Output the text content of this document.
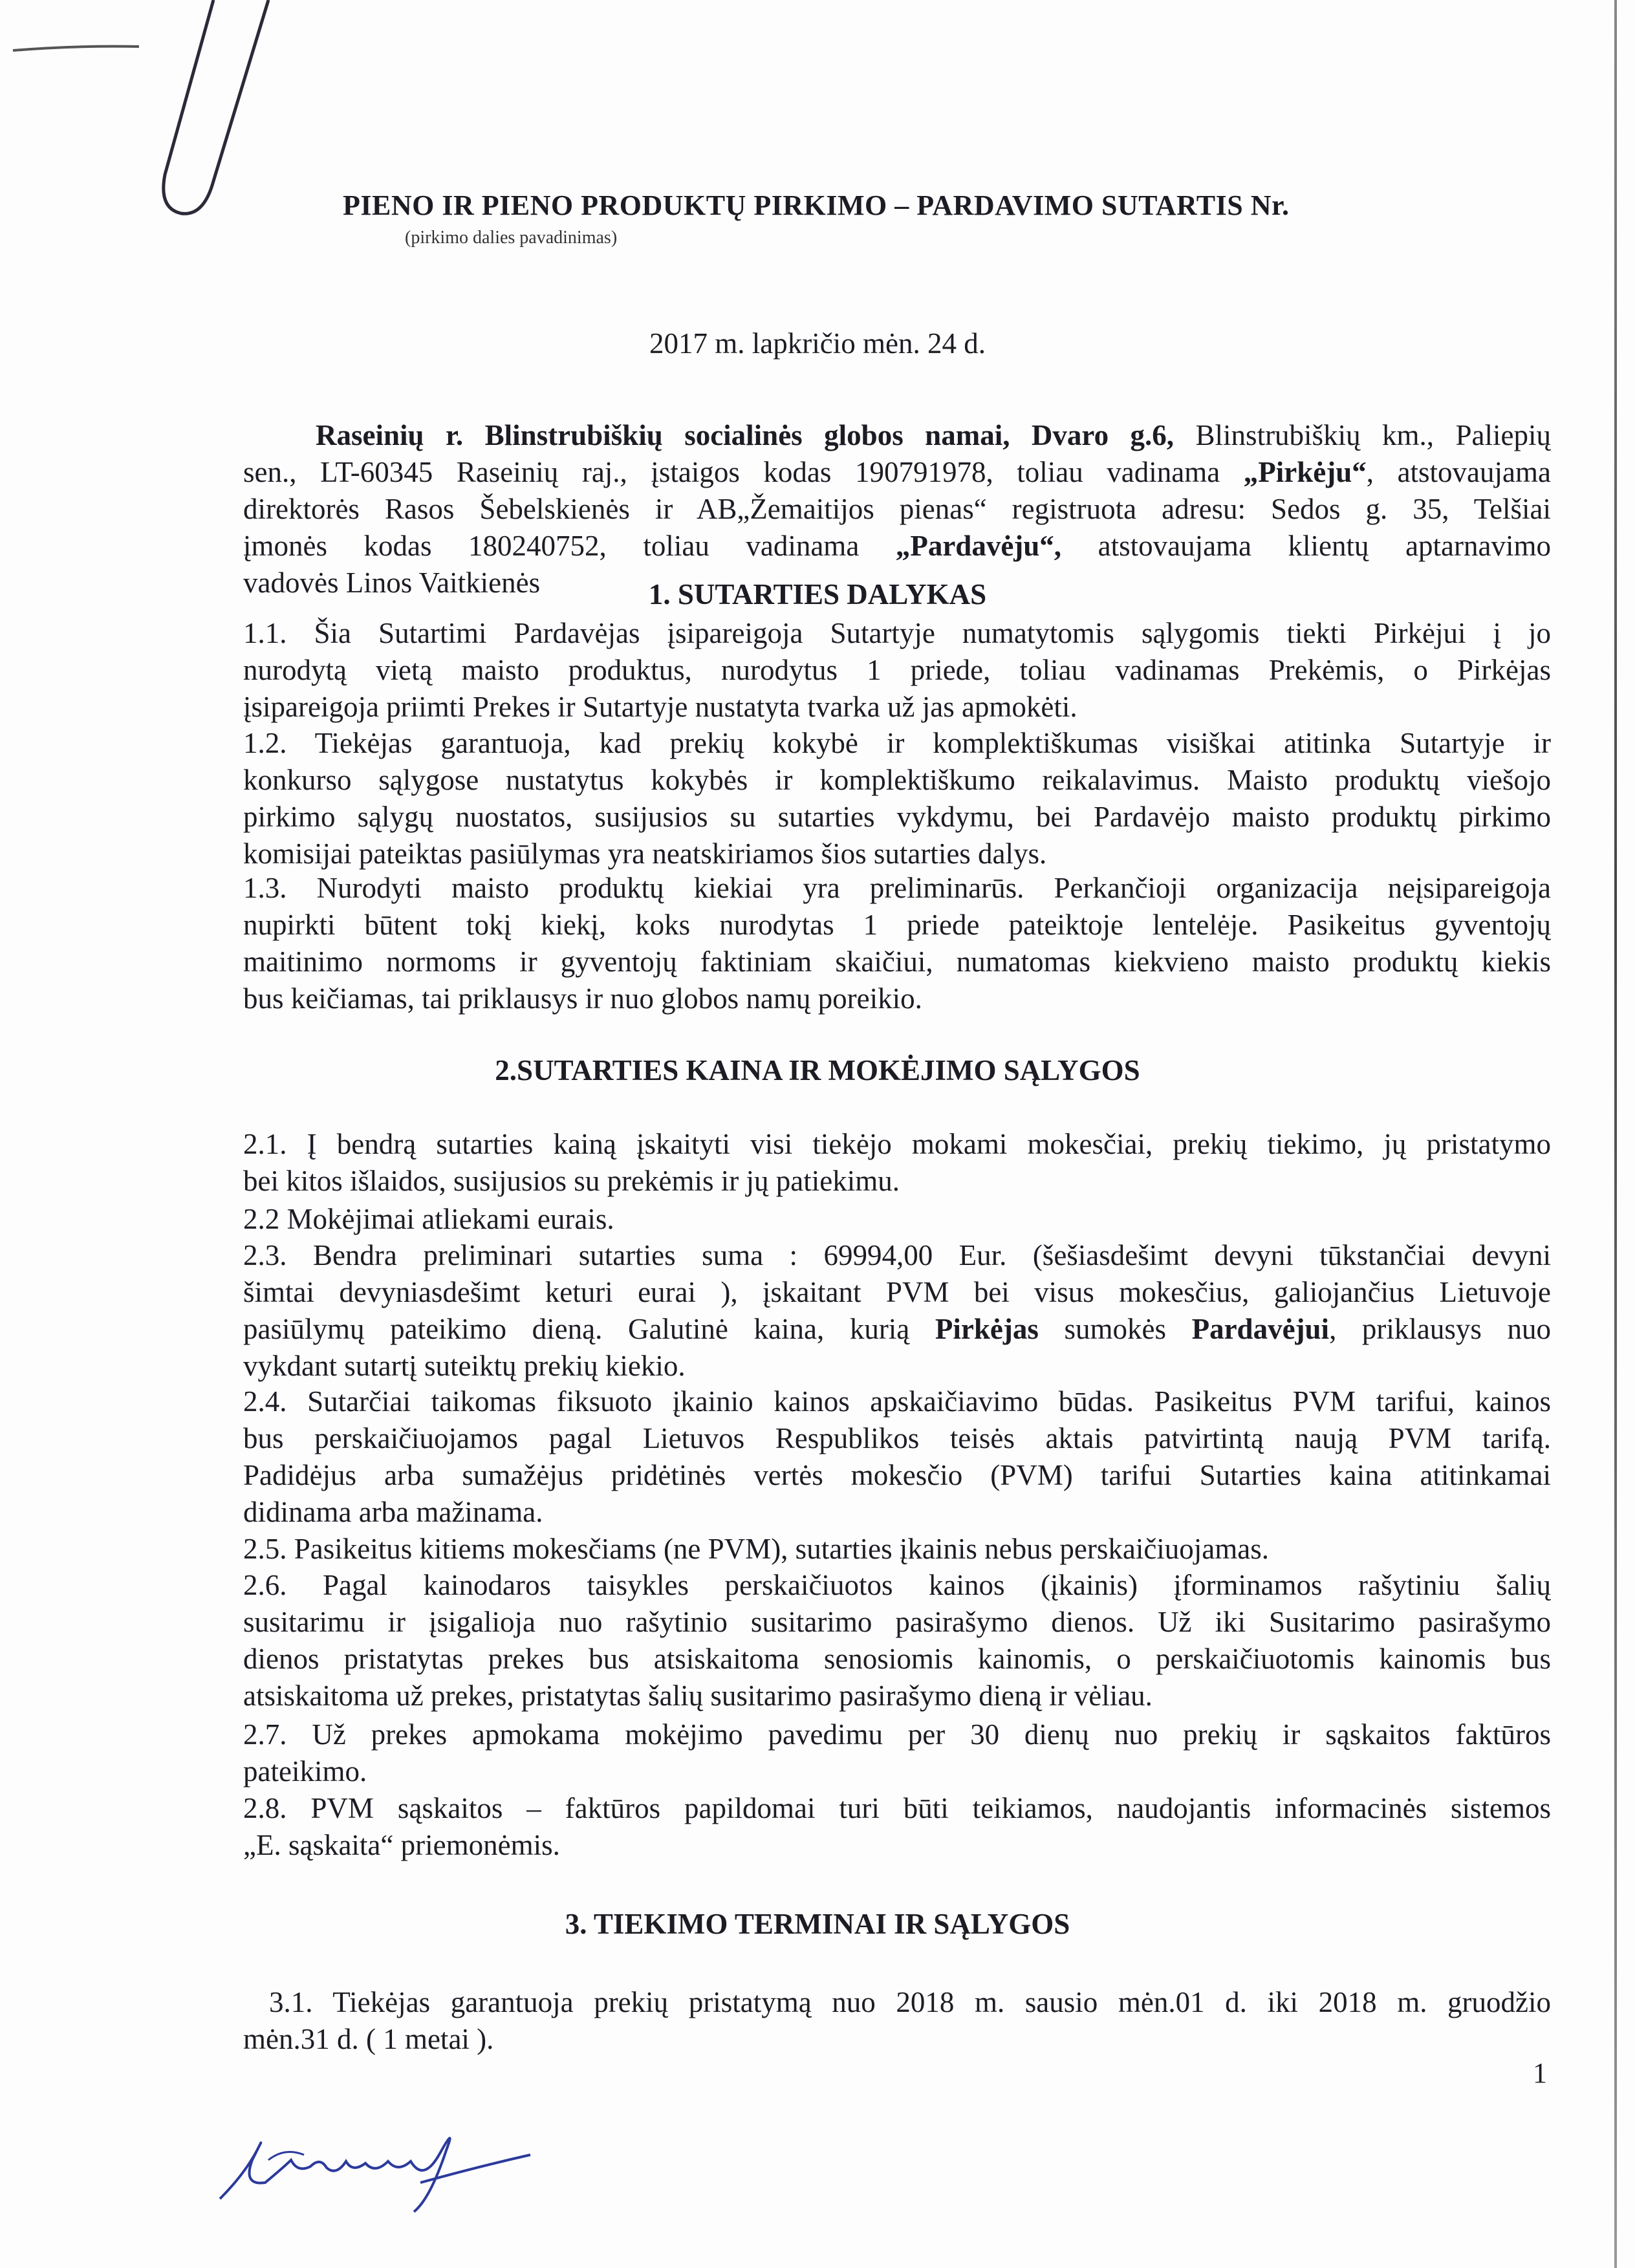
PIENO IR PIENO PRODUKTŲ PIRKIMO – PARDAVIMO SUTARTIS Nr.
(pirkimo dalies pavadinimas)
2017 m. lapkričio mėn. 24 d.
Raseinių r. Blinstrubiškių socialinės globos namai, Dvaro g.6, Blinstrubiškių km., Paliepių
sen., LT-60345 Raseinių raj., įstaigos kodas 190791978, toliau vadinama „Pirkėju“, atstovaujama
direktorės Rasos Šebelskienės ir AB„Žemaitijos pienas“ registruota adresu: Sedos g. 35, Telšiai
įmonės kodas 180240752, toliau vadinama „Pardavėju“, atstovaujama klientų aptarnavimo
vadovės Linos Vaitkienės	1. SUTARTIES DALYKAS
1.1. Šia Sutartimi Pardavėjas įsipareigoja Sutartyje numatytomis sąlygomis tiekti Pirkėjui į jo
nurodytą vietą maisto produktus, nurodytus 1 priede, toliau vadinamas Prekėmis, o Pirkėjas
įsipareigoja priimti Prekes ir Sutartyje nustatyta tvarka už jas apmokėti.
1.2. Tiekėjas garantuoja, kad prekių kokybė ir komplektiškumas visiškai atitinka Sutartyje ir
konkurso sąlygose nustatytus kokybės ir komplektiškumo reikalavimus. Maisto produktų viešojo
pirkimo sąlygų nuostatos, susijusios su sutarties vykdymu, bei Pardavėjo maisto produktų pirkimo
komisijai pateiktas pasiūlymas yra neatskiriamos šios sutarties dalys.
1.3. Nurodyti maisto produktų kiekiai yra preliminarūs. Perkančioji organizacija neįsipareigoja
nupirkti būtent tokį kiekį, koks nurodytas 1 priede pateiktoje lentelėje. Pasikeitus gyventojų
maitinimo normoms ir gyventojų faktiniam skaičiui, numatomas kiekvieno maisto produktų kiekis
bus keičiamas, tai priklausys ir nuo globos namų poreikio.
2.SUTARTIES KAINA IR MOKĖJIMO SĄLYGOS
2.1. Į bendrą sutarties kainą įskaityti visi tiekėjo mokami mokesčiai, prekių tiekimo, jų pristatymo
bei kitos išlaidos, susijusios su prekėmis ir jų patiekimu.
2.2 Mokėjimai atliekami eurais.
2.3. Bendra preliminari sutarties suma : 69994,00 Eur. (šešiasdešimt devyni tūkstančiai devyni
šimtai devyniasdešimt keturi eurai ), įskaitant PVM bei visus mokesčius, galiojančius Lietuvoje
pasiūlymų pateikimo dieną. Galutinė kaina, kurią Pirkėjas sumokės Pardavėjui, priklausys nuo
vykdant sutartį suteiktų prekių kiekio.
2.4. Sutarčiai taikomas fiksuoto įkainio kainos apskaičiavimo būdas. Pasikeitus PVM tarifui, kainos
bus perskaičiuojamos pagal Lietuvos Respublikos teisės aktais patvirtintą naują PVM tarifą.
Padidėjus arba sumažėjus pridėtinės vertės mokesčio (PVM) tarifui Sutarties kaina atitinkamai
didinama arba mažinama.
2.5. Pasikeitus kitiems mokesčiams (ne PVM), sutarties įkainis nebus perskaičiuojamas.
2.6. Pagal kainodaros taisykles perskaičiuotos kainos (įkainis) įforminamos rašytiniu šalių
susitarimu ir įsigalioja nuo rašytinio susitarimo pasirašymo dienos. Už iki Susitarimo pasirašymo
dienos pristatytas prekes bus atsiskaitoma senosiomis kainomis, o perskaičiuotomis kainomis bus
atsiskaitoma už prekes, pristatytas šalių susitarimo pasirašymo dieną ir vėliau.
2.7. Už prekes apmokama mokėjimo pavedimu per 30 dienų nuo prekių ir sąskaitos faktūros
pateikimo.
2.8. PVM sąskaitos – faktūros papildomai turi būti teikiamos, naudojantis informacinės sistemos
„E. sąskaita“ priemonėmis.
3. TIEKIMO TERMINAI IR SĄLYGOS
3.1. Tiekėjas garantuoja prekių pristatymą nuo 2018 m. sausio mėn.01 d. iki 2018 m. gruodžio
mėn.31 d. ( 1 metai ).
1
